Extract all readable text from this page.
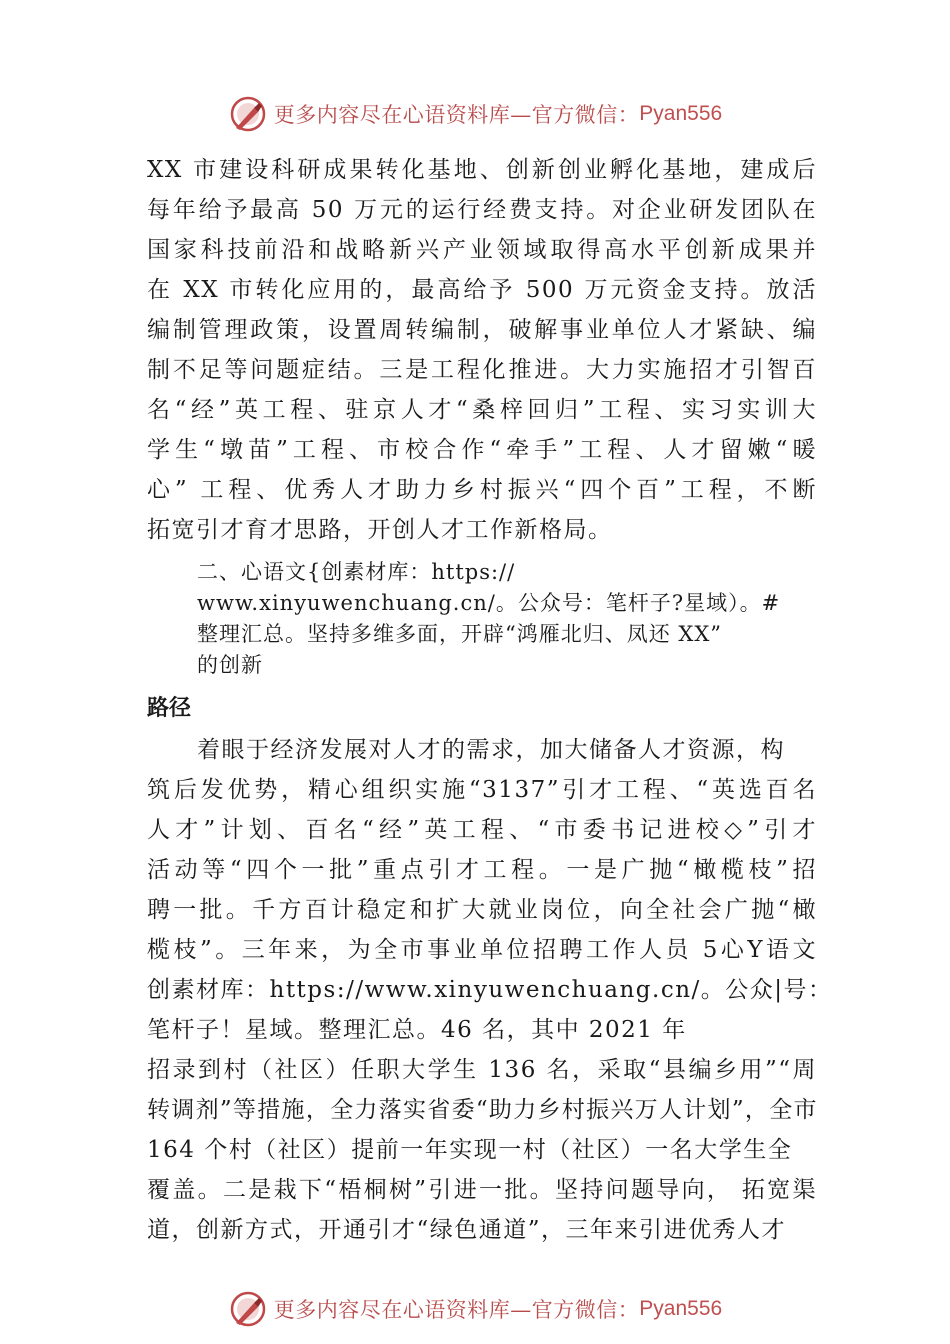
更多内容尽在心语资料库—官方微信： Pyan556
XX 市建设科研成果转化基地、创新创业孵化基地，建成后
每年给予最高 50 万元的运行经费支持。对企业研发团队在
国家科技前沿和战略新兴产业领域取得高水平创新成果并
在 XX 市转化应用的，最高给予 500 万元资金支持。放活
编制管理政策，设置周转编制，破解事业单位人才紧缺、编
制不足等问题症结。三是工程化推进。大力实施招才引智百
名“经”英工程、驻京人才“桑梓回归”工程、实习实训大
学生“墩苗”工程、市校合作“牵手”工程、人才留嫩“暖
心” 工程、优秀人才助力乡村振兴“四个百”工程，不断
拓宽引才育才思路，开创人才工作新格局。
二、心语文{创素材库：https://
www.xinyuwenchuang.cn/。公众号：笔杆子?星域）。#
整理汇总。坚持多维多面，开辟“鸿雁北归、凤还 XX”
的创新
路径
着眼于经济发展对人才的需求，加大储备人才资源，构
筑后发优势，精心组织实施“3137”引才工程、“英选百名
人才”计划、百名“经”英工程、“市委书记进校◇”引才
活动等“四个一批”重点引才工程。一是广抛“橄榄枝”招
聘一批。千方百计稳定和扩大就业岗位，向全社会广抛“橄
榄枝”。三年来，为全市事业单位招聘工作人员 5心Y语文
创素材库：https://www.xinyuwenchuang.cn/。公众|号：
笔杆子！星域。整理汇总。46 名，其中 2021 年
招录到村（社区）任职大学生 136 名，采取“县编乡用”“周
转调剂”等措施，全力落实省委“助力乡村振兴万人计划”，全市
164 个村（社区）提前一年实现一村（社区）一名大学生全
覆盖。二是栽下“梧桐树”引进一批。坚持问题导向， 拓宽渠
道，创新方式，开通引才“绿色通道”，三年来引进优秀人才
更多内容尽在心语资料库—官方微信： Pyan556
